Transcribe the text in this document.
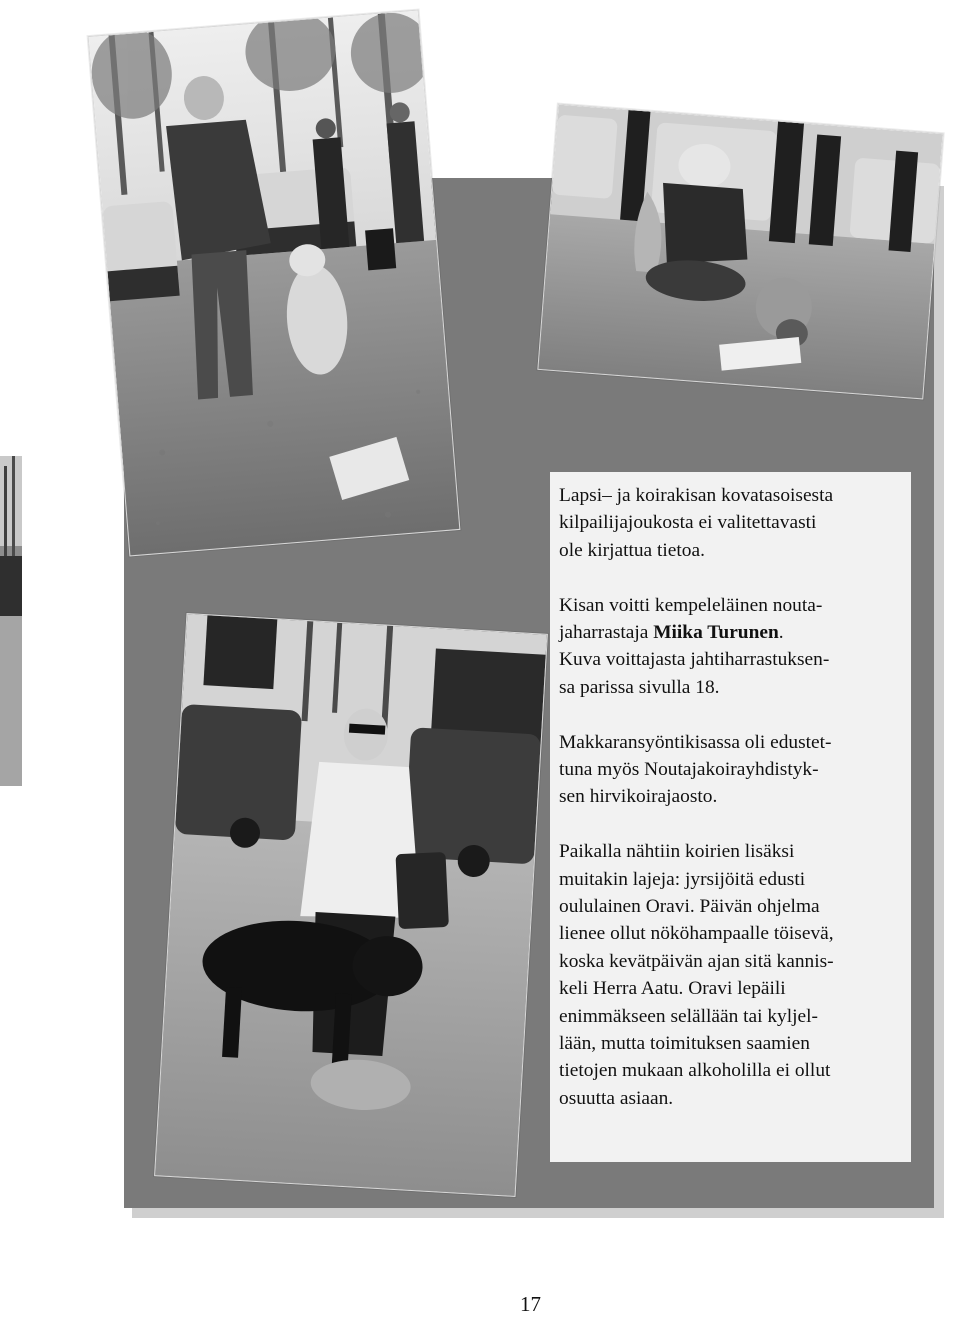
Lapsi– ja koirakisan kovatasoisesta
kilpailijajoukosta ei valitettavasti
ole kirjattua tietoa.

Kisan voitti kempeleläinen nouta-
jaharrastaja Miika Turunen.
Kuva voittajasta jahtiharrastuksen-
sa parissa sivulla 18.

Makkaransyöntikisassa oli edustet-
tuna myös Noutajakoirayhdistyk-
sen hirvikoirajaosto.

Paikalla nähtiin koirien lisäksi
muitakin lajeja: jyrsijöitä edusti
oululainen Oravi. Päivän ohjelma
lienee ollut nököhampaalle töisevä,
koska kevätpäivän ajan sitä kannis-
keli Herra Aatu. Oravi lepäili
enimmäkseen selällään tai kyljel-
lään, mutta toimituksen saamien
tietojen mukaan alkoholilla ei ollut
osuutta asiaan.

17
